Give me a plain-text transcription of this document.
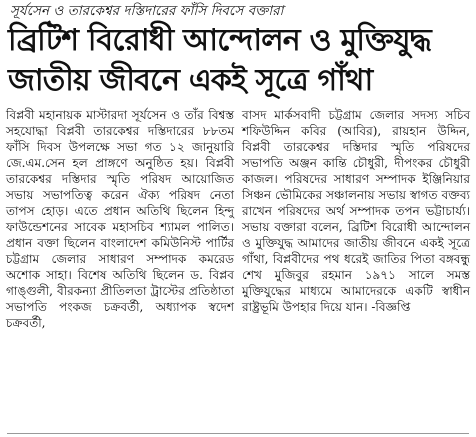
সূর্যসেন ও তারকেশ্বর দস্তিদারের ফাঁসি দিবসে বক্তারা
ব্রিটিশ বিরোধী আন্দোলন ও মুক্তিযুদ্ধ
জাতীয় জীবনে একই সূত্রে গাঁথা

বিপ্লবী মহানায়ক মাস্টারদা সূর্যসেন ও তাঁর বিশ্বস্ত সহযোদ্ধা বিপ্লবী তারকেশ্বর দস্তিদারের ৮৮তম ফাঁসি দিবস উপলক্ষে সভা গত ১২ জানুয়ারি জে.এম.সেন হল প্রাঙ্গণে অনুষ্ঠিত হয়। বিপ্লবী তারকেশ্বর দস্তিদার স্মৃতি পরিষদ আয়োজিত সভায় সভাপতিত্ব করেন ঐক্য পরিষদ নেতা তাপস হোড়। এতে প্রধান অতিথি ছিলেন হিন্দু ফাউন্ডেশনের সাবেক মহাসচিব শ্যামল পালিত। প্রধান বক্তা ছিলেন বাংলাদেশ কমিউনিস্ট পার্টির চট্টগ্রাম জেলার সাধারণ সম্পাদক কমরেড অশোক সাহা। বিশেষ অতিথি ছিলেন ড. বিপ্লব গাঙ্গুলী, বীরকন্যা প্রীতিলতা ট্রাস্টের প্রতিষ্ঠাতা সভাপতি পংকজ চক্রবর্তী, অধ্যাপক স্বদেশ চক্রবর্তী,

বাসদ মার্কসবাদী চট্টগ্রাম জেলার সদস্য সচিব শফিউদ্দিন কবির (আবির), রায়হান উদ্দিন, বিপ্লবী তারকেশ্বর দস্তিদার স্মৃতি পরিষদের সভাপতি অঞ্জন কান্তি চৌধুরী, দীপংকর চৌধুরী কাজল। পরিষদের সাধারণ সম্পাদক ইঞ্জিনিয়ার সিঞ্চন ভৌমিকের সঞ্চালনায় সভায় স্বাগত বক্তব্য রাখেন পরিষদের অর্থ সম্পাদক তপন ভট্টাচার্য্য। সভায় বক্তারা বলেন, ব্রিটিশ বিরোধী আন্দোলন ও মুক্তিযুদ্ধ আমাদের জাতীয় জীবনে একই সূত্রে গাঁথা, বিপ্লবীদের পথ ধরেই জাতির পিতা বঙ্গবন্ধু শেখ মুজিবুর রহমান ১৯৭১ সালে সমস্ত মুক্তিযুদ্ধের মাধ্যমে আমাদেরকে একটি স্বাধীন রাষ্ট্রভূমি উপহার দিয়ে যান। -বিজ্ঞপ্তি
